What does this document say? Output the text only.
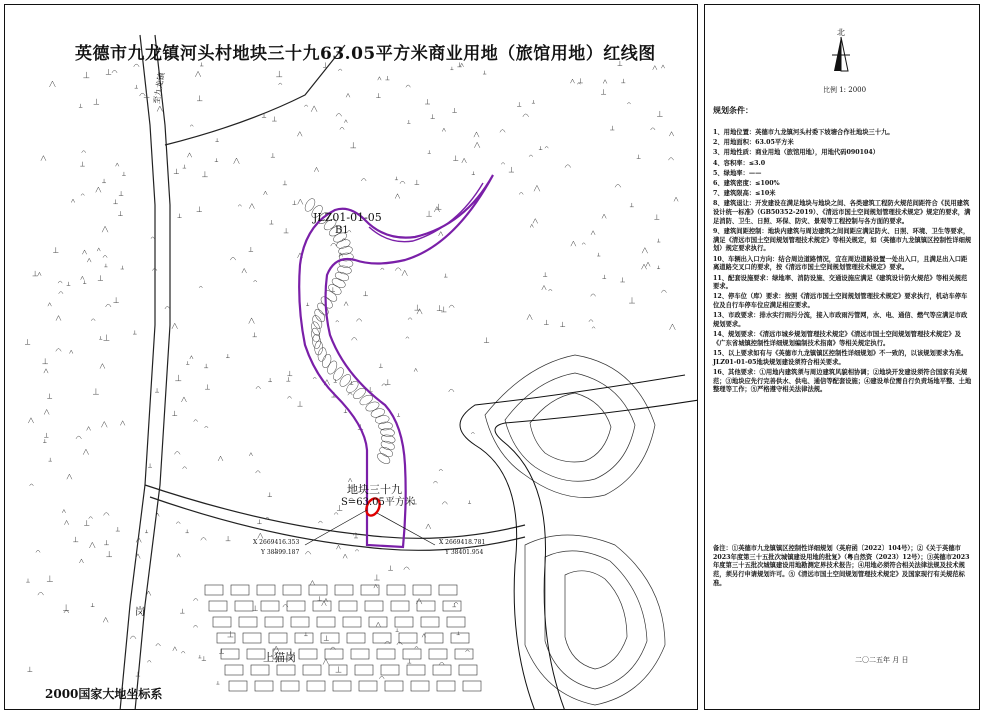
英德市九龙镇河头村地块三十九63.05平方米商业用地（旅馆用地）红线图
JLZ01-01-05
B1
地块三十九
S=63.05平方米
X 2669416.353
Y 38399.187
X 2669418.781
Y 38401.954
至九龙镇
上猫岗
岗
2000国家大地坐标系
北
比例 1: 2000
规划条件：

1、用地位置：英德市九龙镇河头村委下坡塘合作社地块三十九。

2、用地面积：63.05平方米

3、用地性质：商业用地（旅馆用地），用地代码090104）

4、容积率：≤3.0

5、绿地率：——

6、建筑密度：≤100%

7、建筑限高：≤10米

8、建筑退让：开发建设在满足地块与地块之间、各类建筑工程防火规范间距符合《民用建筑设计统一标准》（GB50352-2019）、《清远市国土空间规划管理技术规定》规定的要求，满足消防、卫生、日照、环保、防灾、景观等工程控制与各方面的要求。

9、建筑间距控制：地块内建筑与周边建筑之间间距应满足防火、日照、环境、卫生等要求，满足《清远市国土空间规划管理技术规定》等相关规定，如（英德市九龙镇镇区控制性详细规划）规定要求执行。

10、车辆出入口方向：结合周边道路情况，宜在周边道路设置一处出入口，且满足出入口距离道路交叉口的要求，按《清远市国土空间规划管理技术规定》要求。

11、配套设施要求：绿地率、消防设施、交通设施应满足《建筑设计防火规范》等相关规范要求。

12、停车位（库）要求：按照《清远市国土空间规划管理技术规定》要求执行，机动车停车位及自行车停车位应满足相应要求。

13、市政要求：排水实行雨污分流，接入市政雨污管网，水、电、通信、燃气等应满足市政规划要求。

14、规划要求：《清远市城乡规划管理技术规定》《清远市国土空间规划管理技术规定》及《广东省城镇控制性详细规划编制技术指南》等相关规定执行。

15、以上要求如有与《英德市九龙镇镇区控制性详细规划》不一致的，以该规划要求为准。JLZ01-01-05地块规划建设须符合相关要求。

16、其他要求：①用地内建筑须与周边建筑风貌相协调；②地块开发建设须符合国家有关规范；③地块应先行完善供水、供电、通信等配套设施；④建设单位需自行负责场地平整、土地整理等工作；⑤严格遵守相关法律法规。

备注：①英德市九龙镇镇区控制性详细规划（英府函〔2022〕104号）；②《关于英德市2023年度第三十五批次城镇建设用地的批复》（粤自然资（2023）12号）；③英德市2023年度第三十五批次城镇建设用地勘测定界技术报告；④用地必须符合相关法律法规及技术规范，须另行申请规划许可。⑤《清远市国土空间规划管理技术规定》及国家现行有关规范标准。
二〇二五年 月 日
